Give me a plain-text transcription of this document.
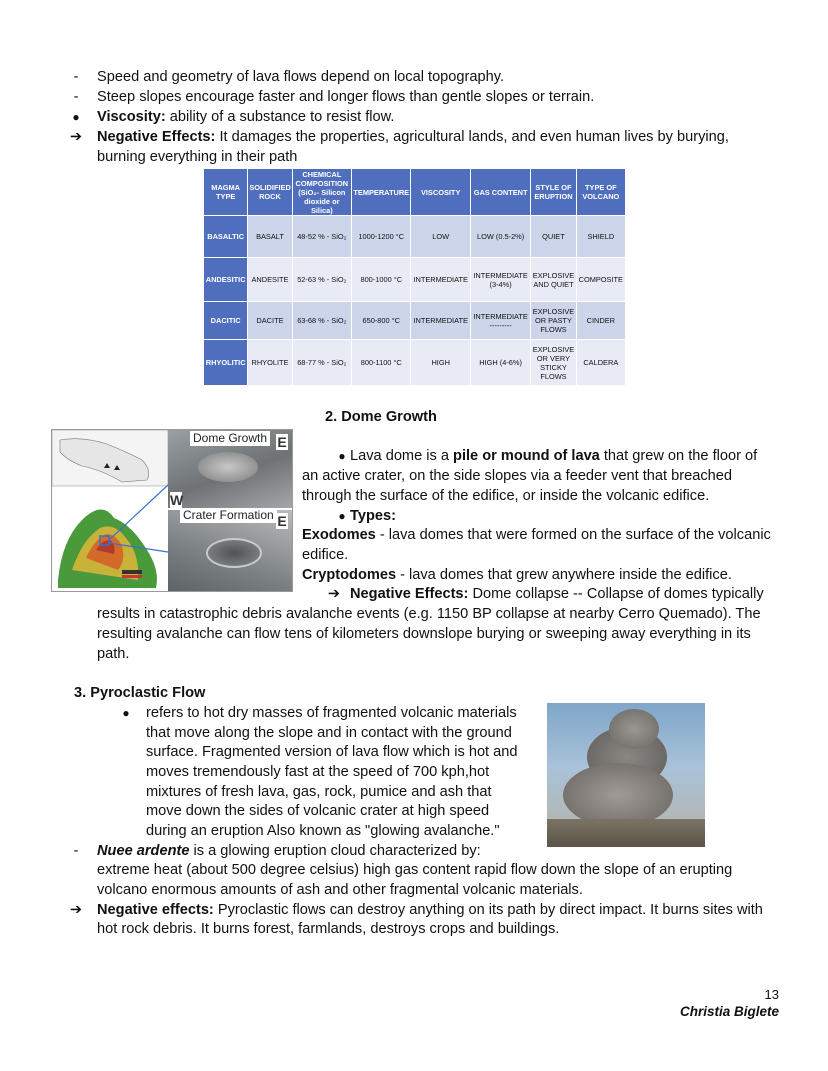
-	Speed and geometry of lava flows depend on local topography.
-	Steep slopes encourage faster and longer flows than gentle slopes or terrain.
● Viscosity: ability of a substance to resist flow.
➔ Negative Effects: It damages the properties, agricultural lands, and even human lives by burying,
burning everything in their path
MAGMA TYPE	SOLIDIFIED ROCK	CHEMICAL COMPOSITION (SiO₂- Silicon dioxide or Silica)	TEMPERATURE	VISCOSITY	GAS CONTENT	STYLE OF ERUPTION	TYPE OF VOLCANO
BASALTIC	BASALT	48-52 % - SiO₂	1000-1200 °C	LOW	LOW (0.5-2%)	QUIET	SHIELD
ANDESITIC	ANDESITE	52-63 % - SiO₂	800-1000 °C	INTERMEDIATE	INTERMEDIATE (3-4%)	EXPLOSIVE AND QUIET	COMPOSITE
DACITIC	DACITE	63-68 % - SiO₂	650-800 °C	INTERMEDIATE	INTERMEDIATE ---------	EXPLOSIVE OR PASTY FLOWS	CINDER
RHYOLITIC	RHYOLITE	68-77 % - SiO₂	800-1100 °C	HIGH	HIGH (4-6%)	EXPLOSIVE OR VERY STICKY FLOWS	CALDERA
Dome Growth E
W
Crater Formation E
2. Dome Growth
● Lava dome is a pile or mound of lava that grew on the floor of
an active crater, on the side slopes via a feeder vent that breached
through the surface of the edifice, or inside the volcanic edifice.
● Types:
Exodomes - lava domes that were formed on the surface of the volcanic
edifice.
Cryptodomes - lava domes that grew anywhere inside the edifice.
➔ Negative Effects: Dome collapse -- Collapse of domes typically
results in catastrophic debris avalanche events (e.g. 1150 BP collapse at nearby Cerro Quemado). The
resulting avalanche can flow tens of kilometers downslope burying or sweeping away everything in its
path.
3. Pyroclastic Flow
● refers to hot dry masses of fragmented volcanic materials
that move along the slope and in contact with the ground
surface. Fragmented version of lava flow which is hot and
moves tremendously fast at the speed of 700 kph,hot
mixtures of fresh lava, gas, rock, pumice and ash that
move down the sides of volcanic crater at high speed
during an eruption Also known as "glowing avalanche."
-	Nuee ardente is a glowing eruption cloud characterized by:
extreme heat (about 500 degree celsius) high gas content rapid flow down the slope of an erupting
volcano enormous amounts of ash and other fragmental volcanic materials.
➔ Negative effects: Pyroclastic flows can destroy anything on its path by direct impact. It burns sites with
hot rock debris. It burns forest, farmlands, destroys crops and buildings.
13
Christia Biglete
